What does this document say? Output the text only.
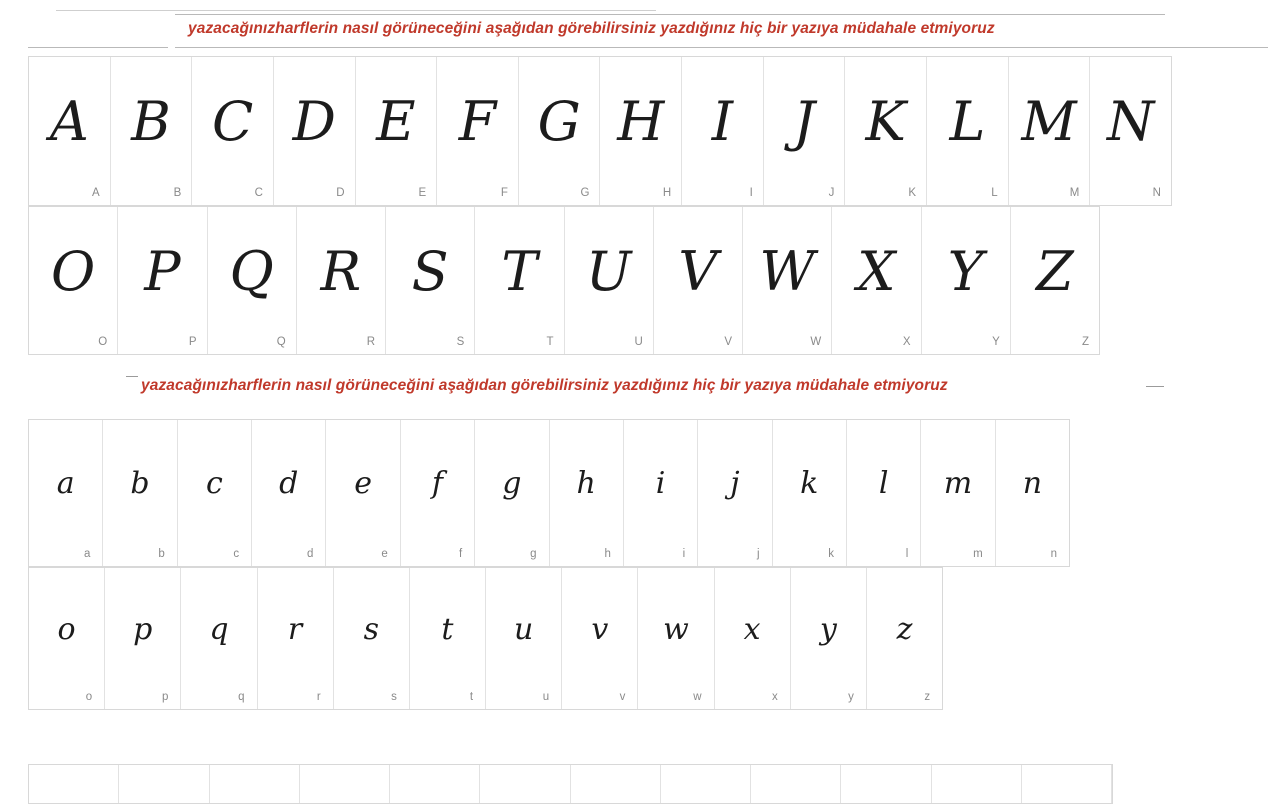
yazacağınızharflerin nasıl görüneceğini aşağıdan görebilirsiniz yazdığınız hiç bir yazıya müdahale etmiyoruz
A
A
B
B
C
C
D
D
E
E
F
F
G
G
H
H
I
I
J
J
K
K
L
L
M
M
N
N
O
O
P
P
Q
Q
R
R
S
S
T
T
U
U
V
V
W
W
X
X
Y
Y
Z
Z
yazacağınızharflerin nasıl görüneceğini aşağıdan görebilirsiniz yazdığınız hiç bir yazıya müdahale etmiyoruz
a
a
b
b
c
c
d
d
e
e
f
f
g
g
h
h
i
i
j
j
k
k
l
l
m
m
n
n
o
o
p
p
q
q
r
r
s
s
t
t
u
u
v
v
w
w
x
x
y
y
z
z
